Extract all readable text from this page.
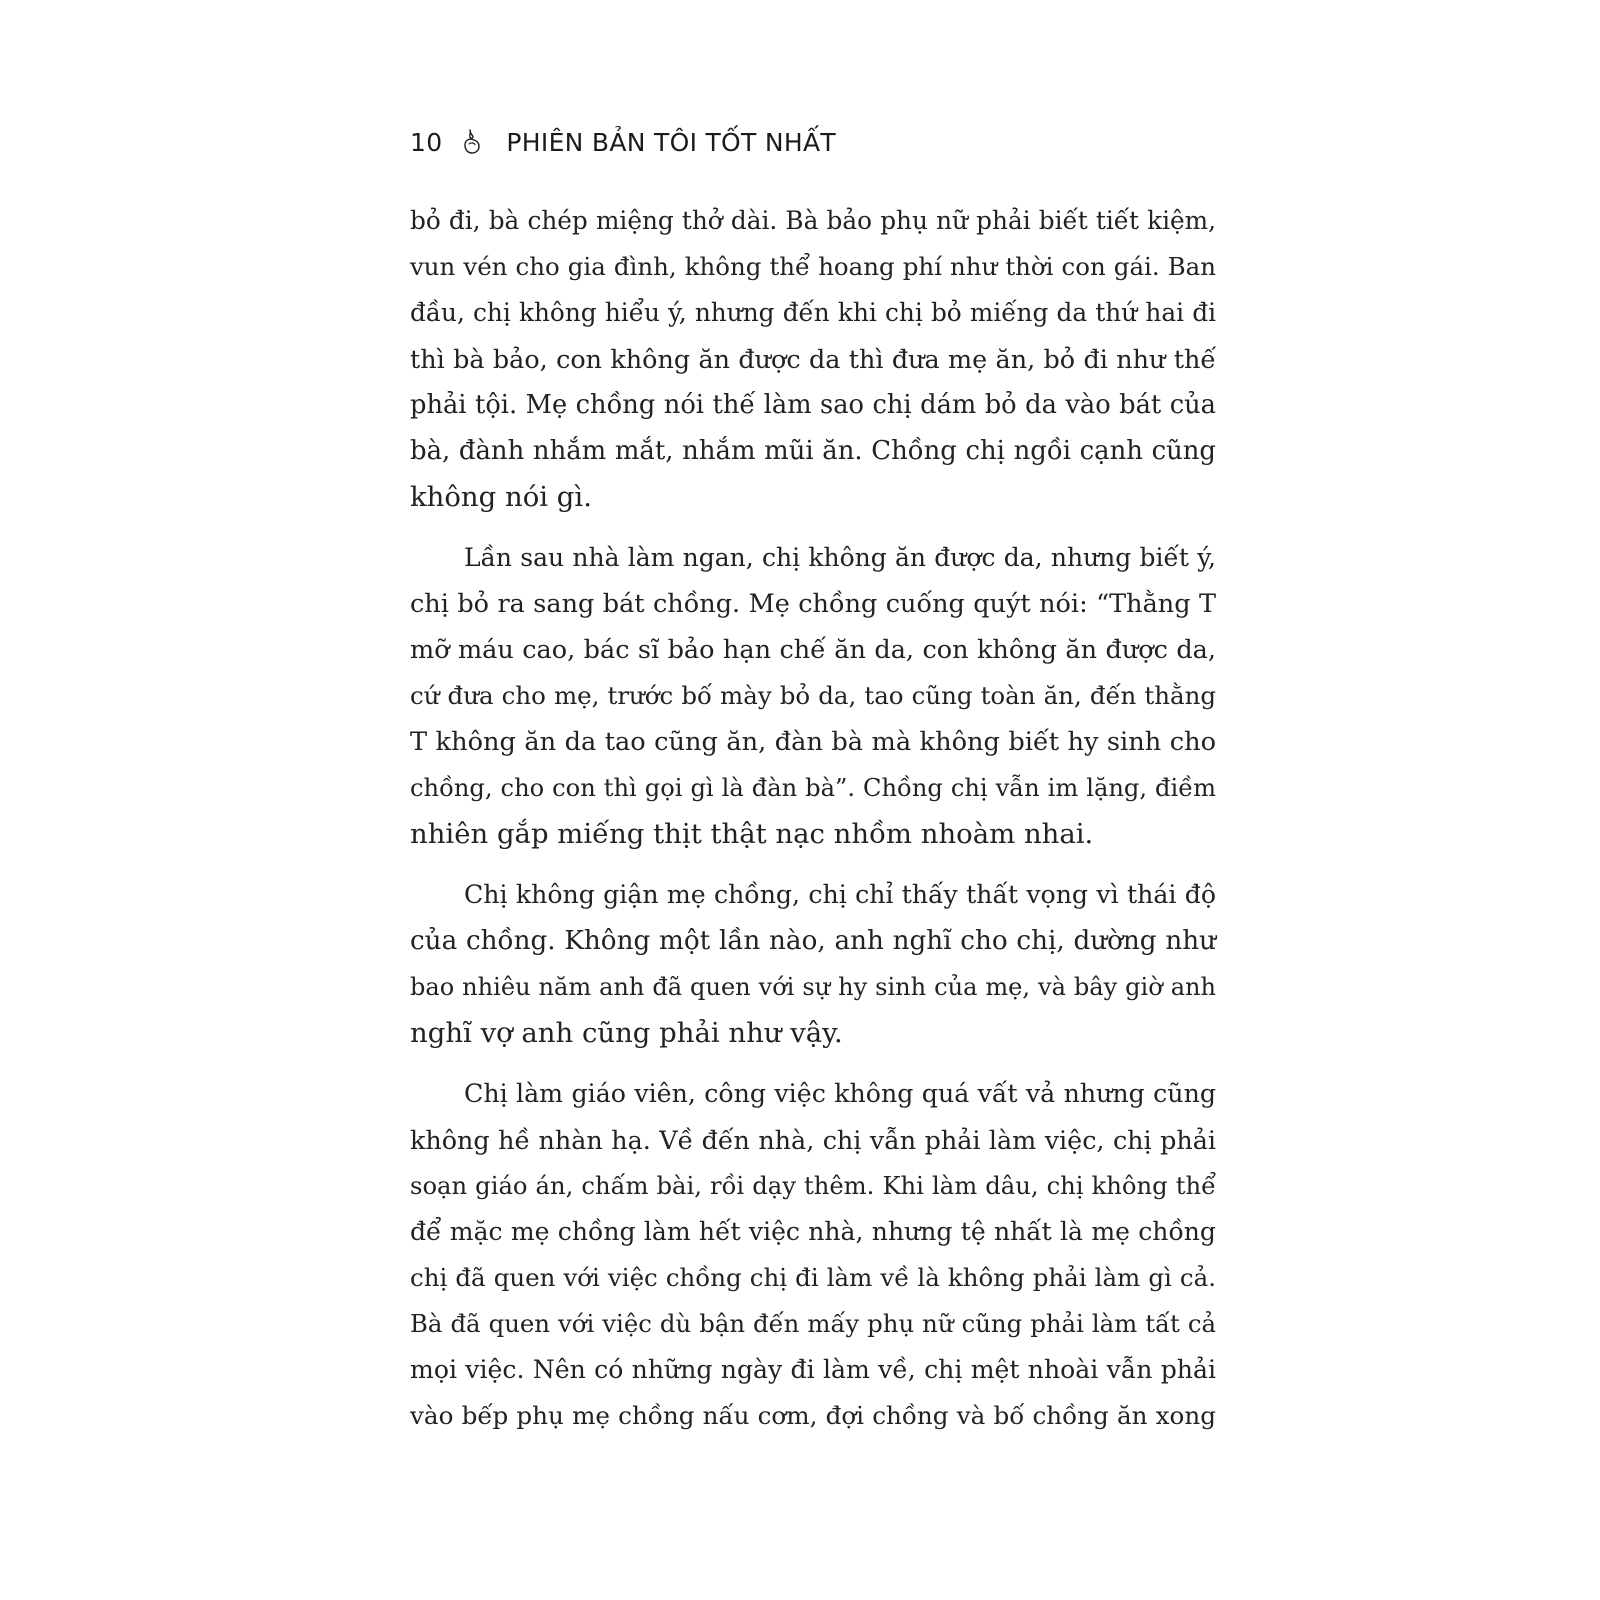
10	PHIÊN BẢN TÔI TỐT NHẤT
bỏ đi, bà chép miệng thở dài. Bà bảo phụ nữ phải biết tiết kiệm,
vun vén cho gia đình, không thể hoang phí như thời con gái. Ban
đầu, chị không hiểu ý, nhưng đến khi chị bỏ miếng da thứ hai đi
thì bà bảo, con không ăn được da thì đưa mẹ ăn, bỏ đi như thế
phải tội. Mẹ chồng nói thế làm sao chị dám bỏ da vào bát của
bà, đành nhắm mắt, nhắm mũi ăn. Chồng chị ngồi cạnh cũng
không nói gì.
Lần sau nhà làm ngan, chị không ăn được da, nhưng biết ý,
chị bỏ ra sang bát chồng. Mẹ chồng cuống quýt nói: “Thằng T
mỡ máu cao, bác sĩ bảo hạn chế ăn da, con không ăn được da,
cứ đưa cho mẹ, trước bố mày bỏ da, tao cũng toàn ăn, đến thằng
T không ăn da tao cũng ăn, đàn bà mà không biết hy sinh cho
chồng, cho con thì gọi gì là đàn bà”. Chồng chị vẫn im lặng, điềm
nhiên gắp miếng thịt thật nạc nhồm nhoàm nhai.
Chị không giận mẹ chồng, chị chỉ thấy thất vọng vì thái độ
của chồng. Không một lần nào, anh nghĩ cho chị, dường như
bao nhiêu năm anh đã quen với sự hy sinh của mẹ, và bây giờ anh
nghĩ vợ anh cũng phải như vậy.
Chị làm giáo viên, công việc không quá vất vả nhưng cũng
không hề nhàn hạ. Về đến nhà, chị vẫn phải làm việc, chị phải
soạn giáo án, chấm bài, rồi dạy thêm. Khi làm dâu, chị không thể
để mặc mẹ chồng làm hết việc nhà, nhưng tệ nhất là mẹ chồng
chị đã quen với việc chồng chị đi làm về là không phải làm gì cả.
Bà đã quen với việc dù bận đến mấy phụ nữ cũng phải làm tất cả
mọi việc. Nên có những ngày đi làm về, chị mệt nhoài vẫn phải
vào bếp phụ mẹ chồng nấu cơm, đợi chồng và bố chồng ăn xong
